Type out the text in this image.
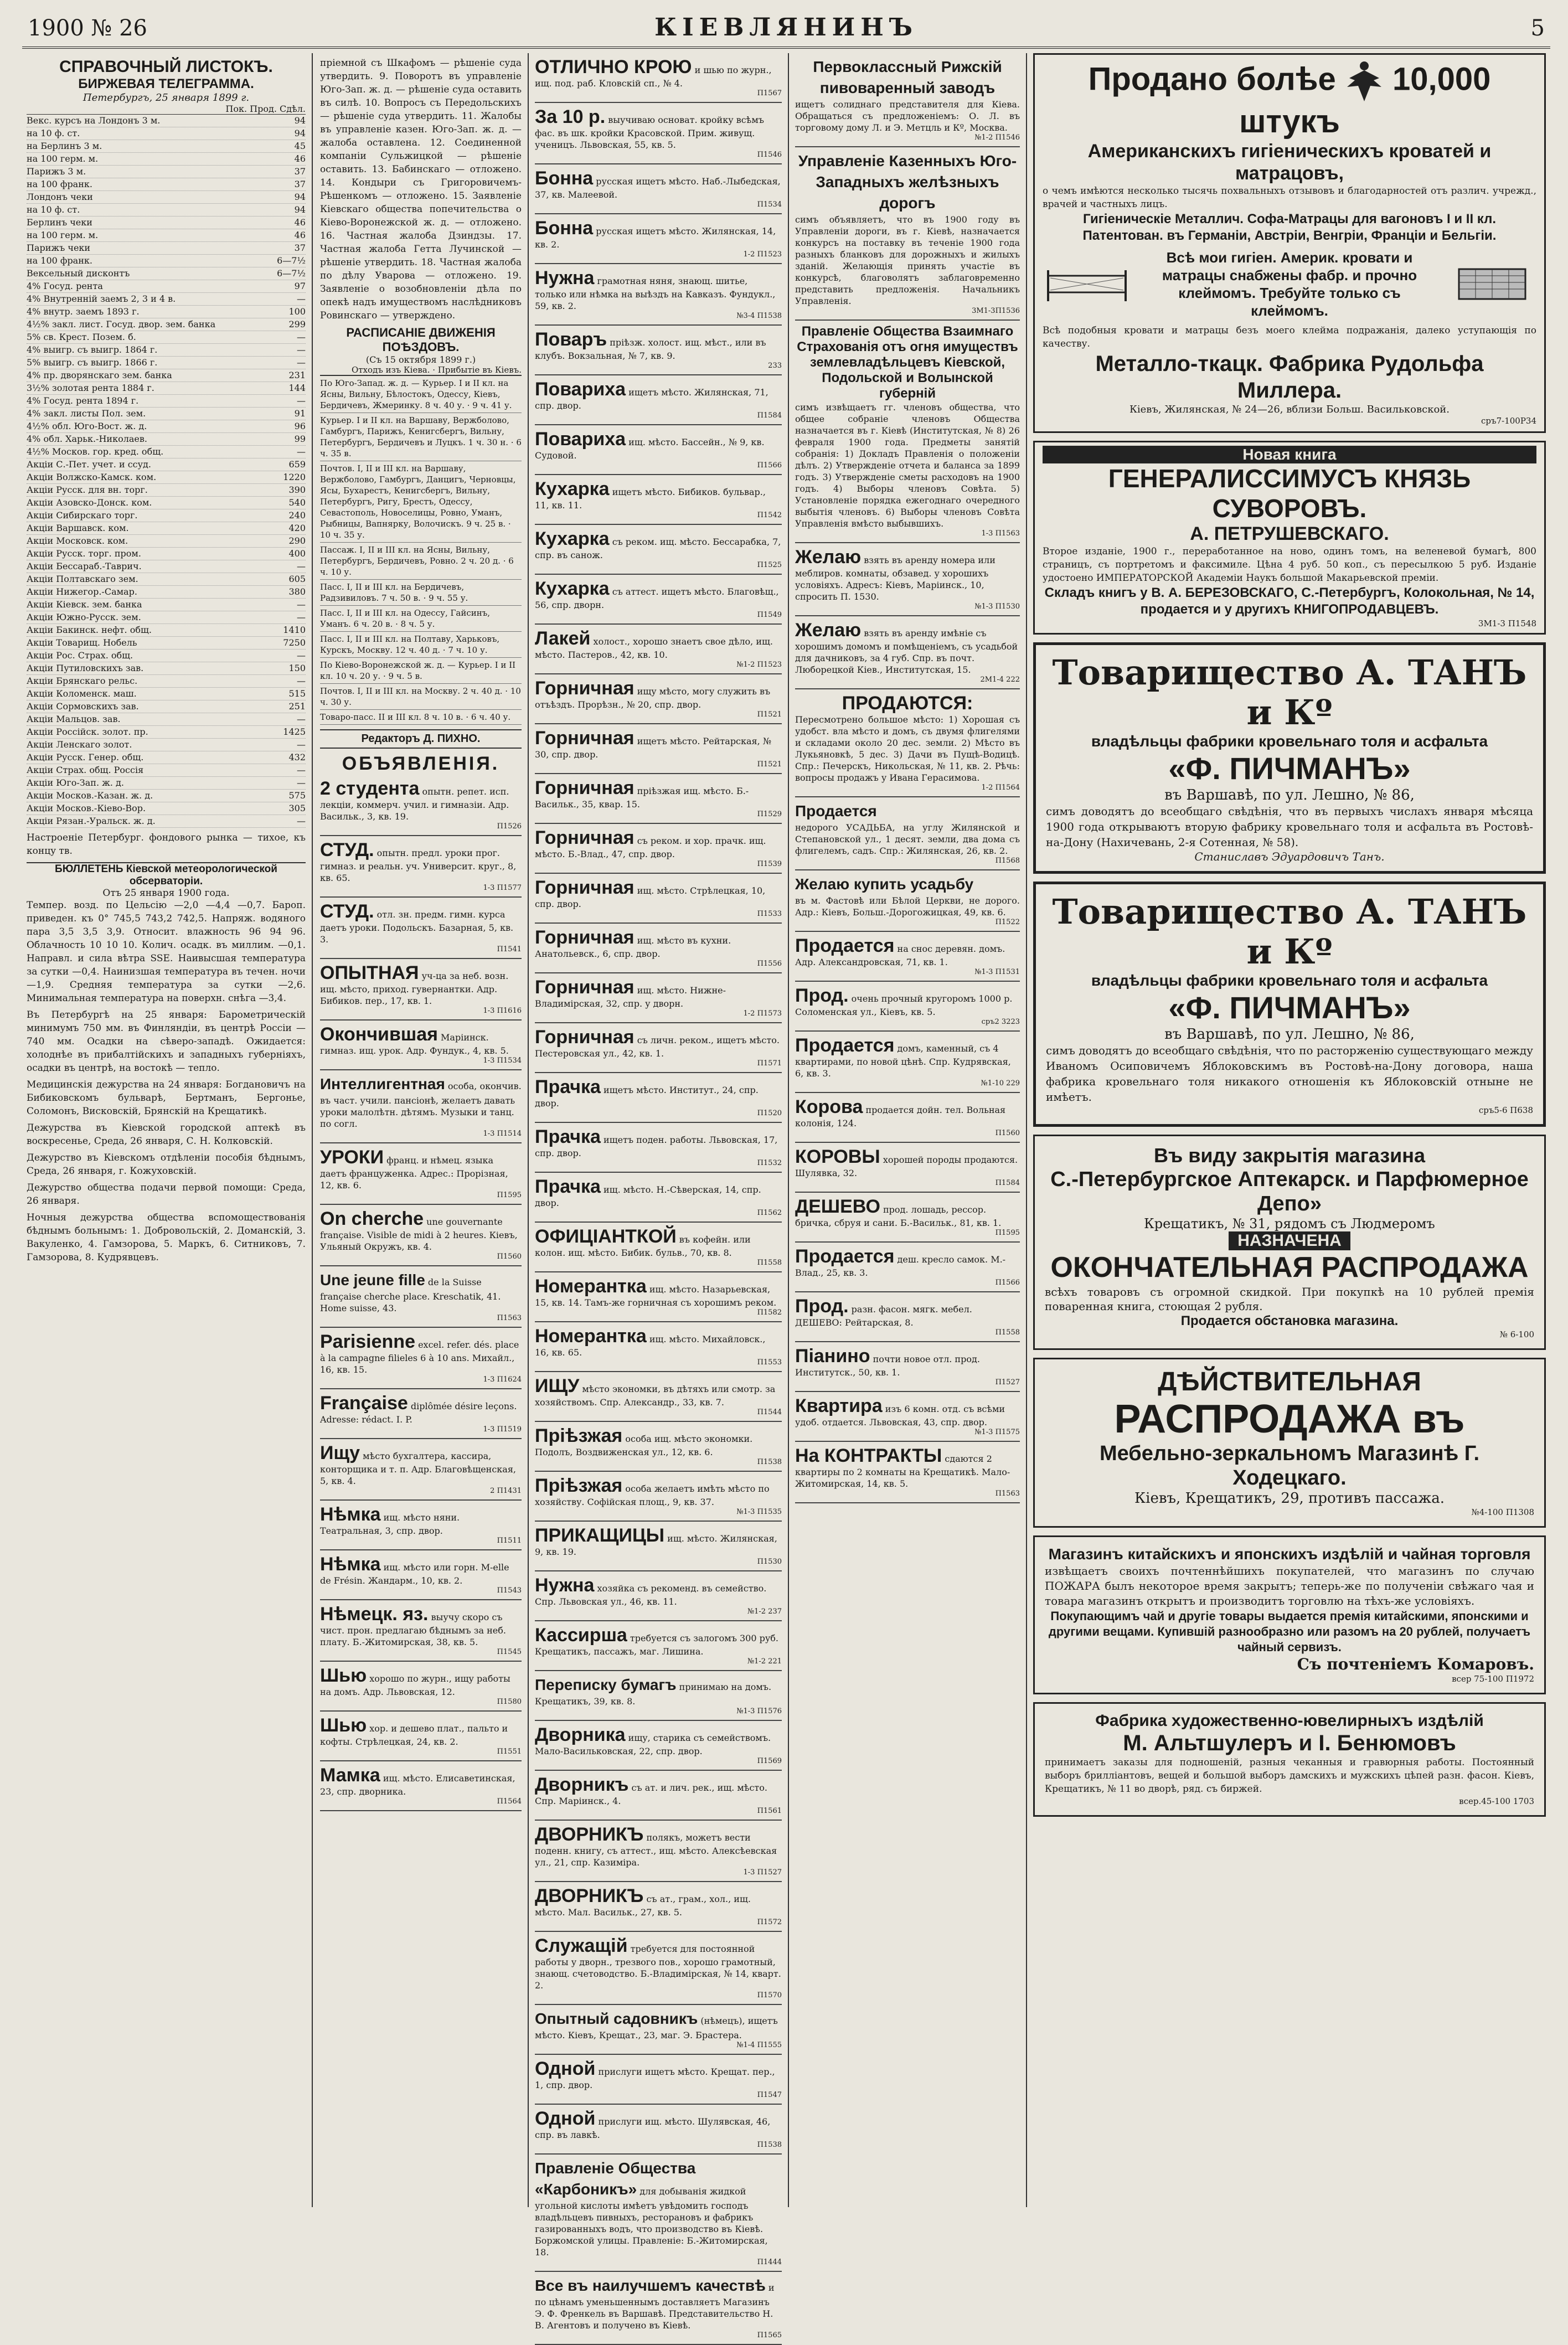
1900 № 26	КІЕВЛЯНИНЪ	5
СПРАВОЧНЫЙ ЛИСТОКЪ.
БИРЖЕВАЯ ТЕЛЕГРАММА.
Петербургъ, 25 января 1899 г.
Пок. Прод. Сдѣл.
Векс. курсъ на Лондонъ 3 м.	94
на 10 ф. ст.	94
на Берлинъ 3 м.	45
на 100 герм. м.	46
Парижъ 3 м.	37
на 100 франк.	37
Лондонъ чеки	94
на 10 ф. ст.	94
Берлинъ чеки	46
на 100 герм. м.	46
Парижъ чеки	37
на 100 франк.	6—7½
Вексельный дисконтъ	6—7½
4% Госуд. рента	97
4% Внутренній заемъ 2, 3 и 4 в.	—
4% внутр. заемъ 1893 г.	100
4½% закл. лист. Госуд. двор. зем. банка	299
5% св. Крест. Позем. б.	—
4% выигр. съ выигр. 1864 г.	—
5% выигр. съ выигр. 1866 г.	—
4% пр. дворянскаго зем. банка	231
3½% золотая рента 1884 г.	144
4% Госуд. рента 1894 г.	—
4% закл. листы Пол. зем.	91
4½% обл. Юго-Вост. ж. д.	96
4% обл. Харьк.-Николаев.	99
4½% Москов. гор. кред. общ.	—
Акціи С.-Пет. учет. и ссуд.	659
Акціи Волжско-Камск. ком.	1220
Акціи Русск. для вн. торг.	390
Акціи Азовско-Донск. ком.	540
Акціи Сибирскаго торг.	240
Акціи Варшавск. ком.	420
Акціи Московск. ком.	290
Акціи Русск. торг. пром.	400
Акціи Бессараб.-Таврич.	—
Акціи Полтавскаго зем.	605
Акціи Нижегор.-Самар.	380
Акціи Кіевск. зем. банка	—
Акціи Южно-Русск. зем.	—
Акціи Бакинск. нефт. общ.	1410
Акціи Товарищ. Нобель	7250
Акціи Рос. Страх. общ.	—
Акціи Путиловскихъ зав.	150
Акціи Брянскаго рельс.	—
Акціи Коломенск. маш.	515
Акціи Сормовскихъ зав.	251
Акціи Мальцов. зав.	—
Акціи Россійск. золот. пр.	1425
Акціи Ленскаго золот.	—
Акціи Русск. Генер. общ.	432
Акціи Страх. общ. Россія	—
Акціи Юго-Зап. ж. д.	—
Акціи Москов.-Казан. ж. д.	575
Акціи Москов.-Кіево-Вор.	305
Акціи Рязан.-Уральск. ж. д.	—
Настроеніе Петербург. фондового рынка — тихое, къ концу тв.
БЮЛЛЕТЕНЬ Кіевской метеорологической обсерваторіи.
Отъ 25 января 1900 года.
Темпер. возд. по Цельсію —2,0 —4,4 —0,7. Бароп. приведен. къ 0° 745,5 743,2 742,5. Напряж. водяного пара 3,5 3,5 3,9. Относит. влажность 96 94 96. Облачность 10 10 10. Колич. осадк. въ миллим. —0,1. Направл. и сила вѣтра SSE. Наивысшая температура за сутки —0,4. Наинизшая температура въ течен. ночи —1,9. Средняя температура за сутки —2,6. Минимальная температура на поверхн. снѣга —3,4.
Въ Петербургѣ на 25 января: Барометрическій минимумъ 750 мм. въ Финляндіи, въ центрѣ Россіи — 740 мм. Осадки на сѣверо-западѣ. Ожидается: холоднѣе въ прибалтійскихъ и западныхъ губерніяхъ, осадки въ центрѣ, на востокѣ — тепло.
Медицинскія дежурства на 24 января: Богдановичъ на Бибиковскомъ бульварѣ, Бертманъ, Бергонье, Соломонъ, Висковскій, Брянскій на Крещатикѣ.
Дежурства въ Кіевской городской аптекѣ въ воскресенье, Среда, 26 января, С. Н. Колковскій.
Дежурство въ Кіевскомъ отдѣленіи пособія бѣднымъ, Среда, 26 января, г. Кожуховскій.
Дежурство общества подачи первой помощи: Среда, 26 января.
Ночныя дежурства общества вспомоществованія бѣднымъ больнымъ: 1. Добровольскій, 2. Доманскій, 3. Вакуленко, 4. Гамзорова, 5. Маркъ, 6. Ситниковъ, 7. Гамзорова, 8. Кудрявцевъ.
пріемной съ Шкафомъ — рѣшеніе суда утвердить. 9. Поворотъ въ управленіе Юго-Зап. ж. д. — рѣшеніе суда оставить въ силѣ. 10. Вопросъ съ Передольскихъ — рѣшеніе суда утвердить. 11. Жалобы въ управленіе казен. Юго-Зап. ж. д. — жалоба оставлена. 12. Соединенной компаніи Сульжицкой — рѣшеніе оставить. 13. Бабинскаго — отложено. 14. Кондыри съ Григоровичемъ-Рѣшенкомъ — отложено. 15. Заявленіе Кіевскаго общества попечительства о Кіево-Воронежской ж. д. — отложено. 16. Частная жалоба Дзиндзы. 17. Частная жалоба Гетта Лучинской — рѣшеніе утвердить. 18. Частная жалоба по дѣлу Уварова — отложено. 19. Заявленіе о возобновленіи дѣла по опекѣ надъ имуществомъ наслѣдниковъ Ровинскаго — утверждено.
РАСПИСАНІЕ ДВИЖЕНІЯ ПОѢЗДОВЪ.
(Съ 15 октября 1899 г.)
Отходъ изъ Кіева. · Прибытіе въ Кіевъ.
По Юго-Запад. ж. д. — Курьер. I и II кл. на Ясны, Вильну, Бѣлостокъ, Одессу, Кіевъ, Бердичевъ, Жмеринку. 8 ч. 40 у. · 9 ч. 41 у.
Курьер. I и II кл. на Варшаву, Вержболово, Гамбургъ, Парижъ, Кенигсбергъ, Вильну, Петербургъ, Бердичевъ и Луцкъ. 1 ч. 30 н. · 6 ч. 35 в.
Почтов. I, II и III кл. на Варшаву, Вержболово, Гамбургъ, Данцигъ, Черновцы, Ясы, Бухарестъ, Кенигсбергъ, Вильну, Петербургъ, Ригу, Брестъ, Одессу, Севастополь, Новоселицы, Ровно, Уманъ, Рыбницы, Вапнярку, Волочискъ. 9 ч. 25 в. · 10 ч. 35 у.
Пассаж. I, II и III кл. на Ясны, Вильну, Петербургъ, Бердичевъ, Ровно. 2 ч. 20 д. · 6 ч. 10 у.
Пасс. I, II и III кл. на Бердичевъ, Радзивиловъ. 7 ч. 50 в. · 9 ч. 55 у.
Пасс. I, II и III кл. на Одессу, Гайсинъ, Уманъ. 6 ч. 20 в. · 8 ч. 5 у.
Пасс. I, II и III кл. на Полтаву, Харьковъ, Курскъ, Москву. 12 ч. 40 д. · 7 ч. 10 у.
По Кіево-Воронежской ж. д. — Курьер. I и II кл. 10 ч. 20 у. · 9 ч. 5 в.
Почтов. I, II и III кл. на Москву. 2 ч. 40 д. · 10 ч. 30 у.
Товаро-пасс. II и III кл. 8 ч. 10 в. · 6 ч. 40 у.
Редакторъ Д. ПИХНО.
ОБЪЯВЛЕНІЯ.
2 студента опытн. репет. исп. лекціи, коммерч. учил. и гимназіи. Адр. Васильк., 3, кв. 19.
П1526
СТУД. опытн. предл. уроки прог. гимназ. и реальн. уч. Университ. круг., 8, кв. 65.
1-3 П1577
СТУД. отл. зн. предм. гимн. курса даетъ уроки. Подольскъ. Базарная, 5, кв. 3.
П1541
ОПЫТНАЯ уч-ца за неб. возн. ищ. мѣсто, приход. гувернантки. Адр. Бибиков. пер., 17, кв. 1.
1-3 П1616
Окончившая Маріинск. гимназ. ищ. урок. Адр. Фундук., 4, кв. 5.
1-3 П1534
Интеллигентная особа, окончив. въ част. учили. пансіонѣ, желаетъ давать уроки малолѣтн. дѣтямъ. Музыки и танц. по согл.
1-3 П1514
УРОКИ франц. и нѣмец. языка даетъ француженка. Адрес.: Прорізная, 12, кв. 6.
П1595
On cherche une gouvernante française. Visible de midi à 2 heures. Кіевъ, Ульяный Окружъ, кв. 4.
П1560
Une jeune fille de la Suisse française cherche place. Kreschatik, 41. Home suisse, 43.
П1563
Parisienne excel. refer. dés. place à la campagne filieles 6 à 10 ans. Михайл., 16, кв. 15.
1-3 П1624
Française diplômée désire leçons. Adresse: rédact. I. P.
1-3 П1519
Ищу мѣсто бухгалтера, кассира, конторщика и т. п. Адр. Благовѣщенская, 5, кв. 4.
2 П1431
Нѣмка ищ. мѣсто няни. Театральная, 3, спр. двор.
П1511
Нѣмка ищ. мѣсто или горн. M-elle de Frésin. Жандарм., 10, кв. 2.
П1543
Нѣмецк. яз. выучу скоро съ чист. прон. предлагаю бѣднымъ за неб. плату. Б.-Житомирская, 38, кв. 5.
П1545
Шью хорошо по журн., ищу работы на домъ. Адр. Львовская, 12.
П1580
Шью хор. и дешево плат., пальто и кофты. Стрѣлецкая, 24, кв. 2.
П1551
Мамка ищ. мѣсто. Елисаветинская, 23, спр. дворника.
П1564
ОТЛИЧНО КРОЮ и шью по журн., ищ. под. раб. Кловскій сп., № 4.
П1567
За 10 р. выучиваю основат. кройку всѣмъ фас. въ шк. кройки Красовской. Прим. живущ. ученицъ. Львовская, 55, кв. 5.
П1546
Бонна русская ищетъ мѣсто. Наб.-Лыбедская, 37, кв. Малеевой.
П1534
Бонна русская ищетъ мѣсто. Жилянская, 14, кв. 2.
1-2 П1523
Нужна грамотная няня, знающ. шитье, только или нѣмка на выѣздъ на Кавказъ. Фундукл., 59, кв. 2.
№3-4 П1538
Поваръ пріѣзж. холост. ищ. мѣст., или въ клубъ. Вокзальная, № 7, кв. 9.
233
Повариха ищетъ мѣсто. Жилянская, 71, спр. двор.
П1584
Повариха ищ. мѣсто. Бассейн., № 9, кв. Судовой.
П1566
Кухарка ищетъ мѣсто. Бибиков. бульвар., 11, кв. 11.
П1542
Кухарка съ реком. ищ. мѣсто. Бессарабка, 7, спр. въ санож.
П1525
Кухарка съ аттест. ищетъ мѣсто. Благовѣщ., 56, спр. дворн.
П1549
Лакей холост., хорошо знаетъ свое дѣло, ищ. мѣсто. Пастеров., 42, кв. 10.
№1-2 П1523
Горничная ищу мѣсто, могу служить въ отъѣздъ. Прорѣзн., № 20, спр. двор.
П1521
Горничная ищетъ мѣсто. Рейтарская, № 30, спр. двор.
П1521
Горничная пріѣзжая ищ. мѣсто. Б.-Васильк., 35, квар. 15.
П1529
Горничная съ реком. и хор. прачк. ищ. мѣсто. Б.-Влад., 47, спр. двор.
П1539
Горничная ищ. мѣсто. Стрѣлецкая, 10, спр. двор.
П1533
Горничная ищ. мѣсто въ кухни. Анатольевск., 6, спр. двор.
П1556
Горничная ищ. мѣсто. Нижне-Владимірская, 32, спр. у дворн.
1-2 П1573
Горничная съ личн. реком., ищетъ мѣсто. Пестеровская ул., 42, кв. 1.
П1571
Прачка ищетъ мѣсто. Институт., 24, спр. двор.
П1520
Прачка ищетъ поден. работы. Львовская, 17, спр. двор.
П1532
Прачка ищ. мѣсто. Н.-Сѣверская, 14, спр. двор.
П1562
ОФИЦІАНТКОЙ въ кофейн. или колон. ищ. мѣсто. Бибик. бульв., 70, кв. 8.
П1558
Номерантка ищ. мѣсто. Назарьевская, 15, кв. 14. Тамъ-же горничная съ хорошимъ реком.
П1582
Номерантка ищ. мѣсто. Михайловск., 16, кв. 65.
П1553
ИЩУ мѣсто экономки, въ дѣтяхъ или смотр. за хозяйствомъ. Спр. Александр., 33, кв. 7.
П1544
Пріѣзжая особа ищ. мѣсто экономки. Подолъ, Воздвиженская ул., 12, кв. 6.
П1538
Пріѣзжая особа желаетъ имѣть мѣсто по хозяйству. Софійская площ., 9, кв. 37.
№1-3 П1535
ПРИКАЩИЦЫ ищ. мѣсто. Жилянская, 9, кв. 19.
П1530
Нужна хозяйка съ рекоменд. въ семейство. Спр. Львовская ул., 46, кв. 11.
№1-2 237
Кассирша требуется съ залогомъ 300 руб. Крещатикъ, пассажъ, маг. Лишина.
№1-2 221
Переписку бумагъ принимаю на домъ. Крещатикъ, 39, кв. 8.
№1-3 П1576
Дворника ищу, старика съ семействомъ. Мало-Васильковская, 22, спр. двор.
П1569
Дворникъ съ ат. и лич. рек., ищ. мѣсто. Спр. Маріинск., 4.
П1561
ДВОРНИКЪ полякъ, можетъ вести поденн. книгу, съ аттест., ищ. мѣсто. Алексѣевская ул., 21, спр. Казиміра.
1-3 П1527
ДВОРНИКЪ съ ат., грам., хол., ищ. мѣсто. Мал. Васильк., 27, кв. 5.
П1572
Служащій требуется для постоянной работы у дворн., трезвого пов., хорошо грамотный, знающ. счетоводство. Б.-Владимірская, № 14, кварт. 2.
П1570
Опытный садовникъ (нѣмецъ), ищетъ мѣсто. Кіевъ, Крещат., 23, маг. Э. Брастера.
№1-4 П1555
Одной прислуги ищетъ мѣсто. Крещат. пер., 1, спр. двор.
П1547
Одной прислуги ищ. мѣсто. Шулявская, 46, спр. въ лавкѣ.
П1538
Правленіе Общества «Карбоникъ» для добыванія жидкой угольной кислоты имѣетъ увѣдомить господъ владѣльцевъ пивныхъ, ресторановъ и фабрикъ газированныхъ водъ, что производство въ Кіевѣ. Боржомской улицы. Правленіе: Б.-Житомирская, 18.
П1444
Все въ наилучшемъ качествѣ и по цѣнамъ уменьшеннымъ доставляетъ Магазинъ Э. Ф. Френкель въ Варшавѣ. Представительство Н. В. Агентовъ и получено въ Кіевѣ.
П1565
Первоклассный Рижскій пивоваренный заводъ
ищетъ солиднаго представителя для Кіева. Обращаться съ предложеніемъ: О. Л. въ торговому дому Л. и Э. Метцль и Кº, Москва.
№1-2 П1546
Управленіе Казенныхъ Юго-Западныхъ желѣзныхъ дорогъ
симъ объявляетъ, что въ 1900 году въ Управленіи дороги, въ г. Кіевѣ, назначается конкурсъ на поставку въ теченіе 1900 года разныхъ бланковъ для дорожныхъ и жилыхъ зданій. Желающія принять участіе въ конкурсѣ, благоволятъ заблаговременно представить предложенія. Начальникъ Управленія.
3М1-3П1536
Правленіе Общества Взаимнаго Страхованія отъ огня имуществъ землевладѣльцевъ Кіевской, Подольской и Волынской губерній
симъ извѣщаетъ гг. членовъ общества, что общее собраніе членовъ Общества назначается въ г. Кіевѣ (Институтская, № 8) 26 февраля 1900 года. Предметы занятій собранія: 1) Докладъ Правленія о положеніи дѣлъ. 2) Утвержденіе отчета и баланса за 1899 годъ. 3) Утвержденіе сметы расходовъ на 1900 годъ. 4) Выборы членовъ Совѣта. 5) Установленіе порядка ежегоднаго очередного выбытія членовъ. 6) Выборы членовъ Совѣта Управленія вмѣсто выбывшихъ.
1-3 П1563
Желаю взять въ аренду номера или меблиров. комнаты, обзавед. у хорошихъ условіяхъ. Адресъ: Кіевъ, Маріинск., 10, спросить П. 1530.
№1-3 П1530
Желаю взять въ аренду имѣніе съ хорошимъ домомъ и помѣщеніемъ, съ усадьбой для дачниковъ, за 4 губ. Спр. въ почт. Люборецкой Кіев., Институтская, 15.
2М1-4 222
ПРОДАЮТСЯ:
Пересмотрено большое мѣсто: 1) Хорошая съ удобст. вла мѣсто и домъ, съ двумя флигелями и складами около 20 дес. земли. 2) Мѣсто въ Лукьяновкѣ, 5 дес. 3) Дачи въ Пущѣ-Водицѣ. Спр.: Печерскъ, Никольская, № 11, кв. 2. Рѣчь: вопросы продажъ у Ивана Герасимова.
1-2 П1564
Продается
недорого УСАДЬБА, на углу Жилянской и Степановской ул., 1 десят. земли, два дома съ флигелемъ, садъ. Спр.: Жилянская, 26, кв. 2.
П1568
Желаю купить усадьбу
въ м. Фастовѣ или Бѣлой Церкви, не дорого. Адр.: Кіевъ, Больш.-Дорогожицкая, 49, кв. 6.
П1522
Продается на снос деревян. домъ. Адр. Александровская, 71, кв. 1.
№1-3 П1531
Прод. очень прочный кругоромъ 1000 р. Соломенская ул., Кіевъ, кв. 5.
сръ2 3223
Продается домъ, каменный, съ 4 квартирами, по новой цѣнѣ. Спр. Кудрявская, 6, кв. 3.
№1-10 229
Корова продается дойн. тел. Вольная колонія, 124.
П1560
КОРОВЫ хорошей породы продаются. Шулявка, 32.
П1584
ДЕШЕВО прод. лошадь, рессор. бричка, сбруя и сани. Б.-Васильк., 81, кв. 1.
П1595
Продается деш. кресло самок. М.-Влад., 25, кв. 3.
П1566
Прод. разн. фасон. мягк. мебел. ДЕШЕВО: Рейтарская, 8.
П1558
Піанино почти новое отл. прод. Институтск., 50, кв. 1.
П1527
Квартира изъ 6 комн. отд. съ всѣми удоб. отдается. Львовская, 43, спр. двор.
№1-3 П1575
На КОНТРАКТЫ сдаются 2 квартиры по 2 комнаты на Крещатикѣ. Мало-Житомирская, 14, кв. 5.
П1563
Продано болѣе 10,000 штукъ
Американскихъ гигіеническихъ кроватей и матрацовъ,
о чемъ имѣются несколько тысячь похвальныхъ отзывовъ и благодарностей отъ различ. учрежд., врачей и частныхъ лицъ.
Гигіеническіе Металлич. Софа-Матрацы для вагоновъ I и II кл. Патентован. въ Германіи, Австріи, Венгріи, Франціи и Бельгіи.
Всѣ мои гигіен. Америк. кровати и матрацы снабжены фабр. и прочно клеймомъ. Требуйте только съ клеймомъ.
Всѣ подобныя кровати и матрацы безъ моего клейма подражанія, далеко уступающія по качеству.
Металло-ткацк. Фабрика Рудольфа Миллера.
Кіевъ, Жилянская, № 24—26, вблизи Больш. Васильковской.
сръ7-100Р34
Новая книга
ГЕНЕРАЛИССИМУСЪ КНЯЗЬ СУВОРОВЪ.
А. ПЕТРУШЕВСКАГО.
Второе изданіе, 1900 г., переработанное на ново, одинъ томъ, на веленевой бумагѣ, 800 страницъ, съ портретомъ и факсимиле. Цѣна 4 руб. 50 коп., съ пересылкою 5 руб. Изданіе удостоено ИМПЕРАТОРСКОЙ Академіи Наукъ большой Макарьевской преміи.
Складъ книгъ у В. А. БЕРЕЗОВСКАГО, С.-Петербургъ, Колокольная, № 14, продается и у другихъ КНИГОПРОДАВЦЕВЪ.
3М1-3 П1548
Товарищество А. ТАНЪ и Кº
владѣльцы фабрики кровельнаго толя и асфальта
«Ф. ПИЧМАНЪ»
въ Варшавѣ, по ул. Лешно, № 86,
симъ доводятъ до всеобщаго свѣдѣнія, что въ первыхъ числахъ января мѣсяца 1900 года открываютъ вторую фабрику кровельнаго толя и асфальта въ Ростовѣ-на-Дону (Нахичевань, 2-я Сотенная, № 58).
Станиславъ Эдуардовичъ Танъ.
Товарищество А. ТАНЪ и Кº
владѣльцы фабрики кровельнаго толя и асфальта
«Ф. ПИЧМАНЪ»
въ Варшавѣ, по ул. Лешно, № 86,
симъ доводятъ до всеобщаго свѣдѣнія, что по расторженію существующаго между Иваномъ Осиповичемъ Яблоковскимъ въ Ростовѣ-на-Дону договора, наша фабрика кровельнаго толя никакого отношенія къ Яблоковскій отныне не имѣетъ.
сръ5-6 П638
Въ виду закрытія магазина
С.-Петербургское Аптекарск. и Парфюмерное Депо»
Крещатикъ, № 31, рядомъ съ Людмеромъ
НАЗНАЧЕНА
ОКОНЧАТЕЛЬНАЯ РАСПРОДАЖА
всѣхъ товаровъ съ огромной скидкой. При покупкѣ на 10 рублей премія поваренная книга, стоющая 2 рубля.
Продается обстановка магазина.
№ 6-100
ДѢЙСТВИТЕЛЬНАЯ
РАСПРОДАЖА въ
Мебельно-зеркальномъ Магазинѣ Г. Ходецкаго.
Кіевъ, Крещатикъ, 29, противъ пассажа.
№4-100 П1308
Магазинъ китайскихъ и японскихъ издѣлій и чайная торговля
извѣщаетъ своихъ почтеннѣйшихъ покупателей, что магазинъ по случаю ПОЖАРА былъ некоторое время закрытъ; теперь-же по полученіи свѣжаго чая и товара магазинъ открытъ и производитъ торговлю на тѣхъ-же условіяхъ.
Покупающимъ чай и другіе товары выдается премія китайскими, японскими и другими вещами. Купившій разнообразно или разомъ на 20 рублей, получаетъ чайный сервизъ.
Съ почтеніемъ Комаровъ.
всер 75-100 П1972
Фабрика художественно-ювелирныхъ издѣлій
М. Альтшулеръ и I. Бенюмовъ
принимаетъ заказы для подношеній, разныя чеканныя и гравюрныя работы. Постоянный выборъ бриллiантовъ, вещей и большой выборъ дамскихъ и мужскихъ цѣпей разн. фасон. Кіевъ, Крещатикъ, № 11 во дворѣ, ряд. съ биржей.
всер.45-100 1703
